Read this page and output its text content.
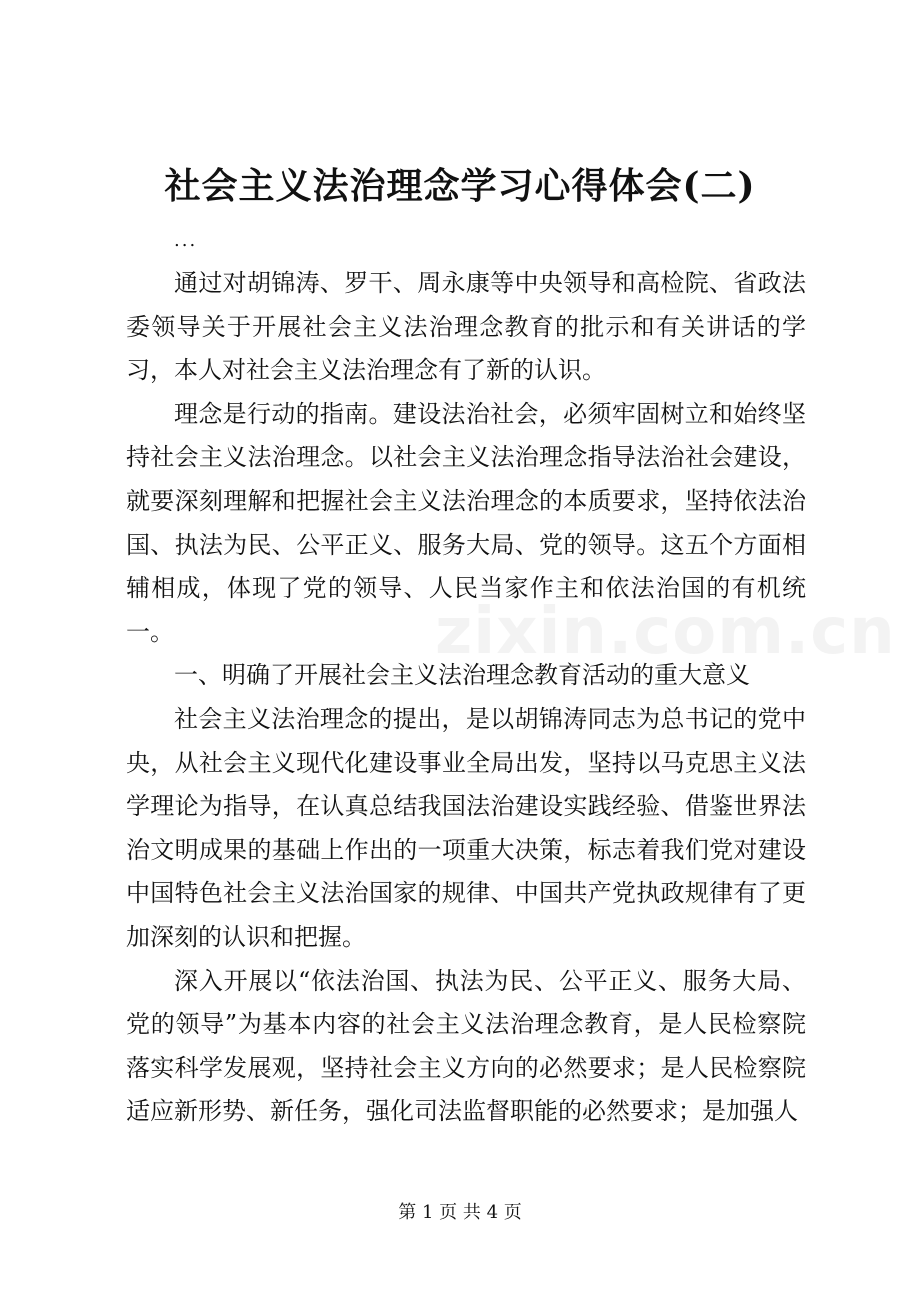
社会主义法治理念学习心得体会(二)
...

通过对胡锦涛、罗干、周永康等中央领导和高检院、省政法委领导关于开展社会主义法治理念教育的批示和有关讲话的学习，本人对社会主义法治理念有了新的认识。

理念是行动的指南。建设法治社会，必须牢固树立和始终坚持社会主义法治理念。以社会主义法治理念指导法治社会建设，就要深刻理解和把握社会主义法治理念的本质要求，坚持依法治国、执法为民、公平正义、服务大局、党的领导。这五个方面相辅相成，体现了党的领导、人民当家作主和依法治国的有机统一。

一、明确了开展社会主义法治理念教育活动的重大意义

社会主义法治理念的提出，是以胡锦涛同志为总书记的党中央，从社会主义现代化建设事业全局出发，坚持以马克思主义法学理论为指导，在认真总结我国法治建设实践经验、借鉴世界法治文明成果的基础上作出的一项重大决策，标志着我们党对建设中国特色社会主义法治国家的规律、中国共产党执政规律有了更加深刻的认识和把握。

深入开展以“依法治国、执法为民、公平正义、服务大局、党的领导”为基本内容的社会主义法治理念教育，是人民检察院落实科学发展观，坚持社会主义方向的必然要求；是人民检察院适应新形势、新任务，强化司法监督职能的必然要求；是加强人

zixin.com.cn
第 1 页 共 4 页
